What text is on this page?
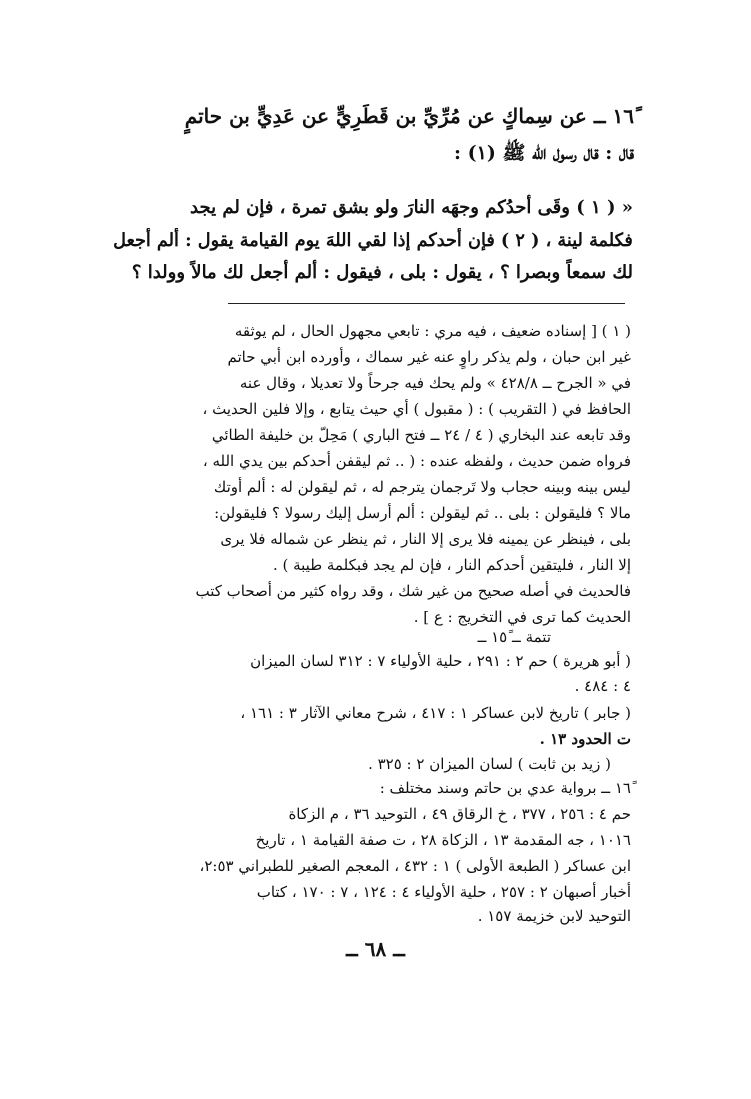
١٦ً ــ عن سِماكٍ عن مُرِّيِّ بن قَطَرِيٍّ عن عَدِيٍّ بن حاتمٍ

قال : قال رسول الله ﷺ (١) :

« ( ١ ) وقَى أحدُكم وجهَه النارَ ولو بشق تمرة ، فإن لم يجد

فكلمة لينة ، ( ٢ ) فإن أحدكم إذا لقي اللهَ يوم القيامة يقول : ألم أجعل

لك سمعاً وبصرا ؟ ، يقول : بلى ، فيقول : ألم أجعل لك مالاً وولدا ؟

( ١ ) [ إسناده ضعيف ، فيه مري : تابعي مجهول الحال ، لم يوثقه

غير ابن حبان ، ولم يذكر راوٍ عنه غير سماك ، وأورده ابن أبي حاتم

في « الجرح ــ ٤٢٨/٨ » ولم يحك فيه جرحاً ولا تعديلا ، وقال عنه

الحافظ في ( التقريب ) : ( مقبول ) أي حيث يتابع ، وإلا فلين الحديث ،

وقد تابعه عند البخاري ( ٤ / ٢٤ ــ فتح الباري ) مَحِلّ بن خليفة الطائي

فرواه ضمن حديث ، ولفظه عنده : ( .. ثم ليقفن أحدكم بين يدي الله ،

ليس بينه وبينه حجاب ولا تَرجمان يترجم له ، ثم ليقولن له : ألم أوتك

مالا ؟ فليقولن : بلى .. ثم ليقولن : ألم أرسل إليك رسولا ؟ فليقولن:

بلى ، فينظر عن يمينه فلا يرى إلا النار ، ثم ينظر عن شماله فلا يرى

إلا النار ، فليتقين أحدكم النار ، فإن لم يجد فبكلمة طيبة ) .

فالحديث في أصله صحيح من غير شك ، وقد رواه كثير من أصحاب كتب

الحديث كما ترى في التخريج : ع ] .

تتمة ــ ١٥ً ــ

( أبو هريرة ) حم ٢ : ٢٩١ ، حلية الأولياء ٧ : ٣١٢ لسان الميزان

٤ : ٤٨٤ .

( جابر ) تاريخ لابن عساكر ١ : ٤١٧ ، شرح معاني الآثار ٣ : ١٦١ ،

ت الحدود ١٣ .

( زيد بن ثابت ) لسان الميزان ٢ : ٣٢٥ .

١٦ً ــ برواية عدي بن حاتم وسند مختلف :

حم ٤ : ٢٥٦ ، ٣٧٧ ، خ الرقاق ٤٩ ، التوحيد ٣٦ ، م الزكاة

١٠١٦ ، جه المقدمة ١٣ ، الزكاة ٢٨ ، ت صفة القيامة ١ ، تاريخ

ابن عساكر ( الطبعة الأولى ) ١ : ٤٣٢ ، المعجم الصغير للطبراني ٢:٥٣،

أخبار أصبهان ٢ : ٢٥٧ ، حلية الأولياء ٤ : ١٢٤ ، ٧ : ١٧٠ ، كتاب

التوحيد لابن خزيمة ١٥٧ .

ــ ٦٨ ــ
